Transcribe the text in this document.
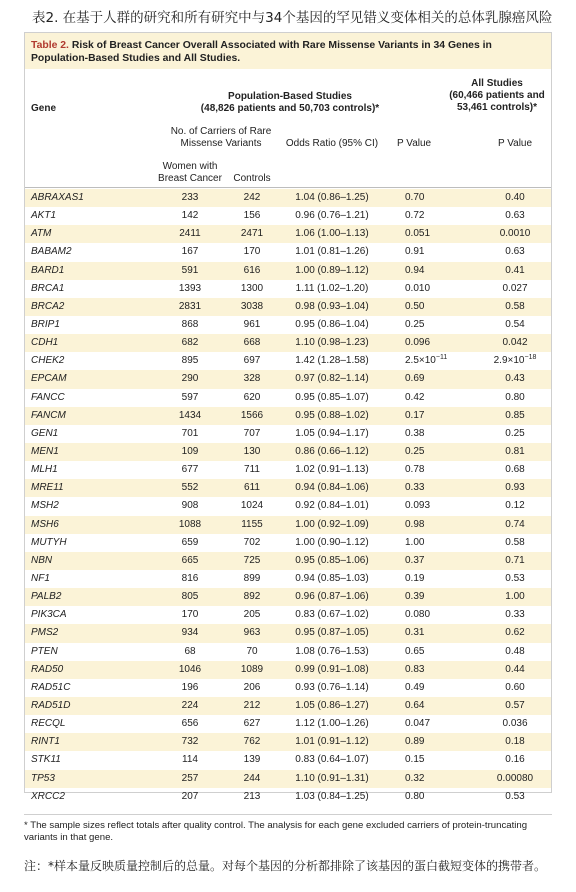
表2. 在基于人群的研究和所有研究中与34个基因的罕见错义变体相关的总体乳腺癌风险
Table 2. Risk of Breast Cancer Overall Associated with Rare Missense Variants in 34 Genes in Population-Based Studies and All Studies.
Gene
Population-Based Studies
(48,826 patients and 50,703 controls)*
All Studies
(60,466 patients and
53,461 controls)*
No. of Carriers of Rare
Missense Variants	Odds Ratio (95% CI) P Value	P Value
Women with
Breast Cancer	Controls
ABRAXAS1	233	242	1.04 (0.86–1.25)	0.70	0.40
AKT1	142	156	0.96 (0.76–1.21)	0.72	0.63
ATM	2411	2471	1.06 (1.00–1.13)	0.051	0.0010
BABAM2	167	170	1.01 (0.81–1.26)	0.91	0.63
BARD1	591	616	1.00 (0.89–1.12)	0.94	0.41
BRCA1	1393	1300	1.11 (1.02–1.20)	0.010	0.027
BRCA2	2831	3038	0.98 (0.93–1.04)	0.50	0.58
BRIP1	868	961	0.95 (0.86–1.04)	0.25	0.54
CDH1	682	668	1.10 (0.98–1.23)	0.096	0.042
CHEK2	895	697	1.42 (1.28–1.58)	$2.5\times 10^{-11}$	$2.9\times 10^{-18}$
EPCAM	290	328	0.97 (0.82–1.14)	0.69	0.43
FANCC	597	620	0.95 (0.85–1.07)	0.42	0.80
FANCM	1434	1566	0.95 (0.88–1.02)	0.17	0.85
GEN1	701	707	1.05 (0.94–1.17)	0.38	0.25
MEN1	109	130	0.86 (0.66–1.12)	0.25	0.81
MLH1	677	711	1.02 (0.91–1.13)	0.78	0.68
MRE11	552	611	0.94 (0.84–1.06)	0.33	0.93
MSH2	908	1024	0.92 (0.84–1.01)	0.093	0.12
MSH6	1088	1155	1.00 (0.92–1.09)	0.98	0.74
MUTYH	659	702	1.00 (0.90–1.12)	1.00	0.58
NBN	665	725	0.95 (0.85–1.06)	0.37	0.71
NF1	816	899	0.94 (0.85–1.03)	0.19	0.53
PALB2	805	892	0.96 (0.87–1.06)	0.39	1.00
PIK3CA	170	205	0.83 (0.67–1.02)	0.080	0.33
PMS2	934	963	0.95 (0.87–1.05)	0.31	0.62
PTEN	68	70	1.08 (0.76–1.53)	0.65	0.48
RAD50	1046	1089	0.99 (0.91–1.08)	0.83	0.44
RAD51C	196	206	0.93 (0.76–1.14)	0.49	0.60
RAD51D	224	212	1.05 (0.86–1.27)	0.64	0.57
RECQL	656	627	1.12 (1.00–1.26)	0.047	0.036
RINT1	732	762	1.01 (0.91–1.12)	0.89	0.18
STK11	114	139	0.83 (0.64–1.07)	0.15	0.16
TP53	257	244	1.10 (0.91–1.31)	0.32	0.00080
XRCC2	207	213	1.03 (0.84–1.25)	0.80	0.53
* The sample sizes reflect totals after quality control. The analysis for each gene excluded carriers of protein-truncating variants in that gene.
注：*样本量反映质量控制后的总量。对每个基因的分析都排除了该基因的蛋白截短变体的携带者。
